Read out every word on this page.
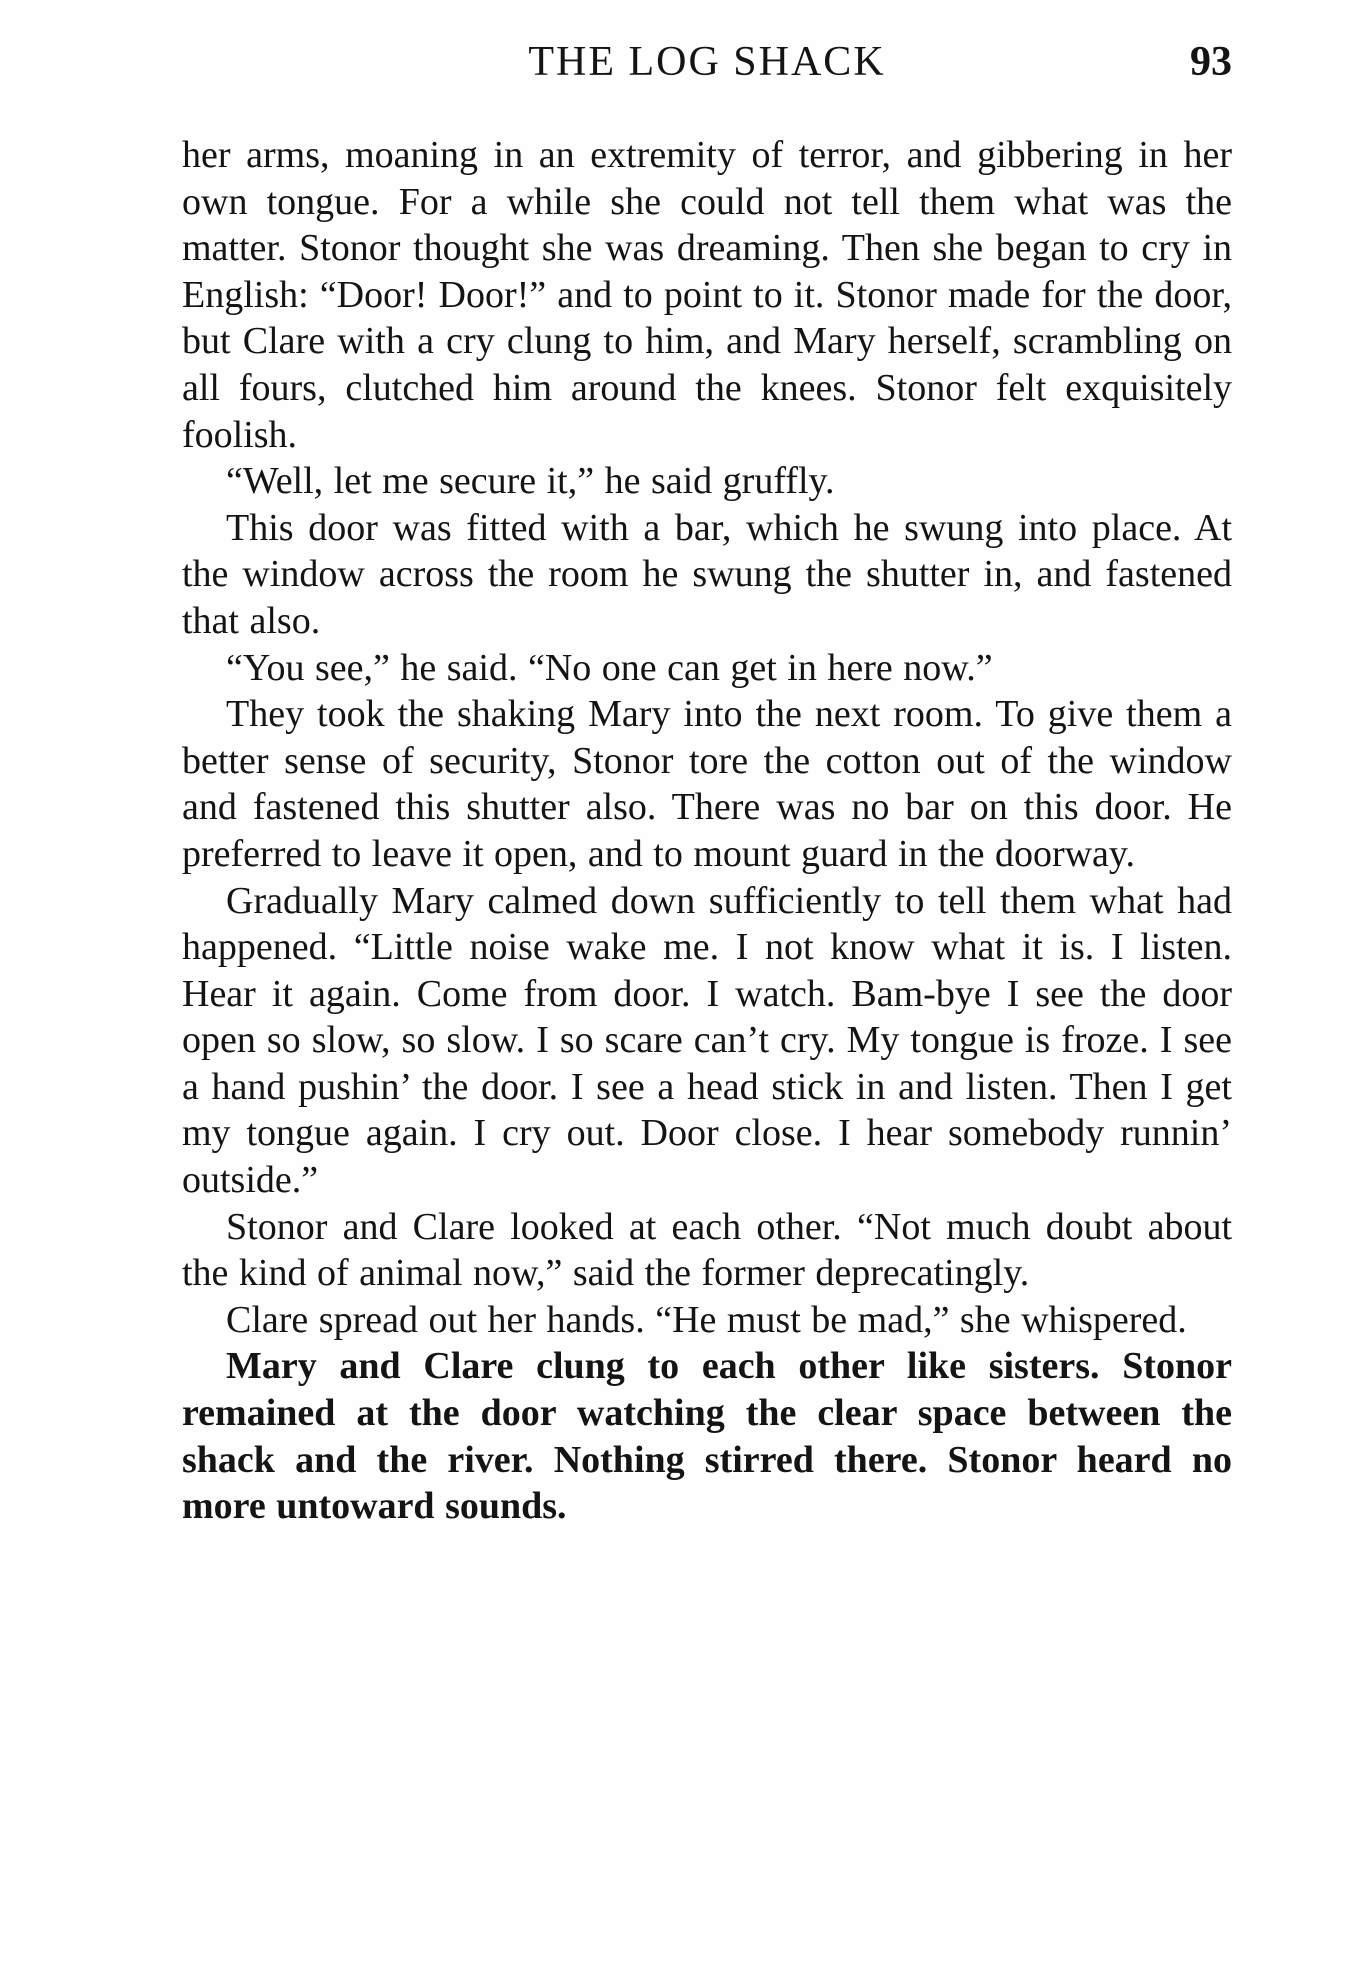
THE LOG SHACK	93

her arms, moaning in an extremity of terror, and gibbering in her own tongue. For a while she could not tell them what was the matter. Stonor thought she was dreaming. Then she began to cry in English: “Door! Door!” and to point to it. Stonor made for the door, but Clare with a cry clung to him, and Mary herself, scrambling on all fours, clutched him around the knees. Stonor felt exquisitely foolish.

“Well, let me secure it,” he said gruffly.

This door was fitted with a bar, which he swung into place. At the window across the room he swung the shutter in, and fastened that also.

“You see,” he said. “No one can get in here now.”

They took the shaking Mary into the next room. To give them a better sense of security, Stonor tore the cotton out of the window and fastened this shutter also. There was no bar on this door. He preferred to leave it open, and to mount guard in the doorway.

Gradually Mary calmed down sufficiently to tell them what had happened. “Little noise wake me. I not know what it is. I listen. Hear it again. Come from door. I watch. Bam-bye I see the door open so slow, so slow. I so scare can’t cry. My tongue is froze. I see a hand pushin’ the door. I see a head stick in and listen. Then I get my tongue again. I cry out. Door close. I hear somebody runnin’ outside.”

Stonor and Clare looked at each other. “Not much doubt about the kind of animal now,” said the former deprecatingly.

Clare spread out her hands. “He must be mad,” she whispered.

Mary and Clare clung to each other like sisters. Stonor remained at the door watching the clear space between the shack and the river. Nothing stirred there. Stonor heard no more untoward sounds.
